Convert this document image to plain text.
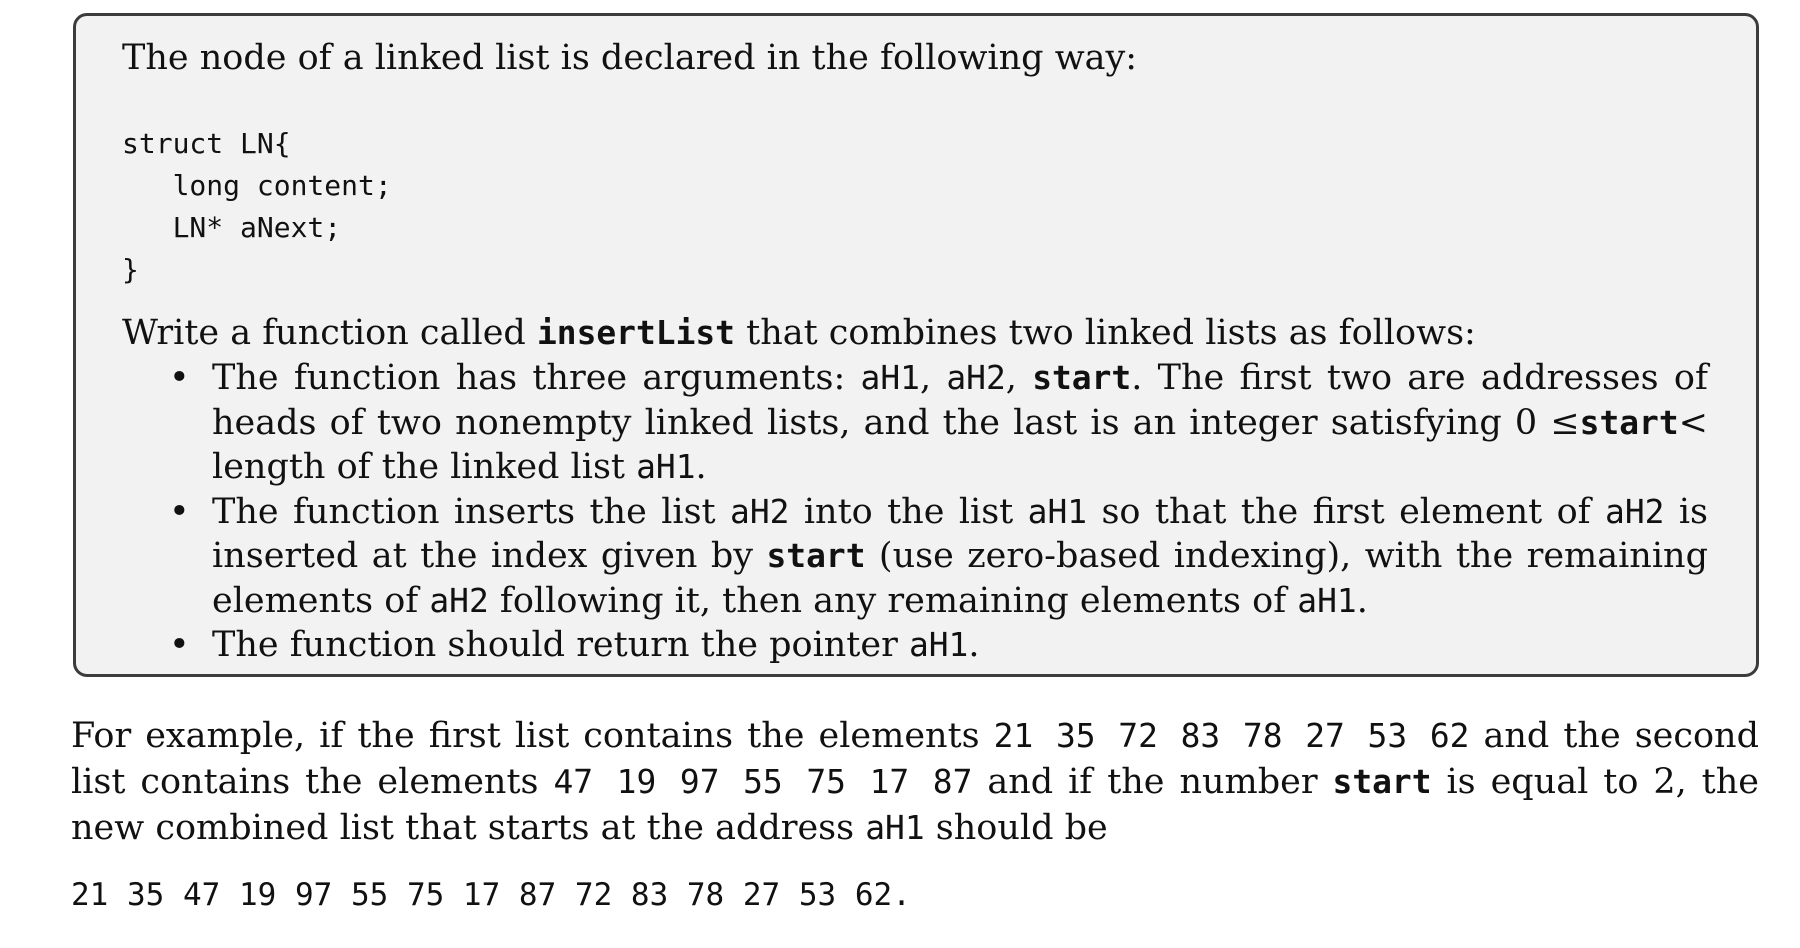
The node of a linked list is declared in the following way:
struct LN{
long content;
LN* aNext;
}
Write a function called insertList that combines two linked lists as follows:
• The function has three arguments: aH1, aH2, start. The first two are addresses of heads of two nonempty linked lists, and the last is an integer satisfying 0 ≤start< length of the linked list aH1.
• The function inserts the list aH2 into the list aH1 so that the first element of aH2 is inserted at the index given by start (use zero-based indexing), with the remaining elements of aH2 following it, then any remaining elements of aH1.
• The function should return the pointer aH1.
For example, if the first list contains the elements 21 35 72 83 78 27 53 62 and the second list contains the elements 47 19 97 55 75 17 87 and if the number start is equal to 2, the new combined list that starts at the address aH1 should be
21 35 47 19 97 55 75 17 87 72 83 78 27 53 62.
